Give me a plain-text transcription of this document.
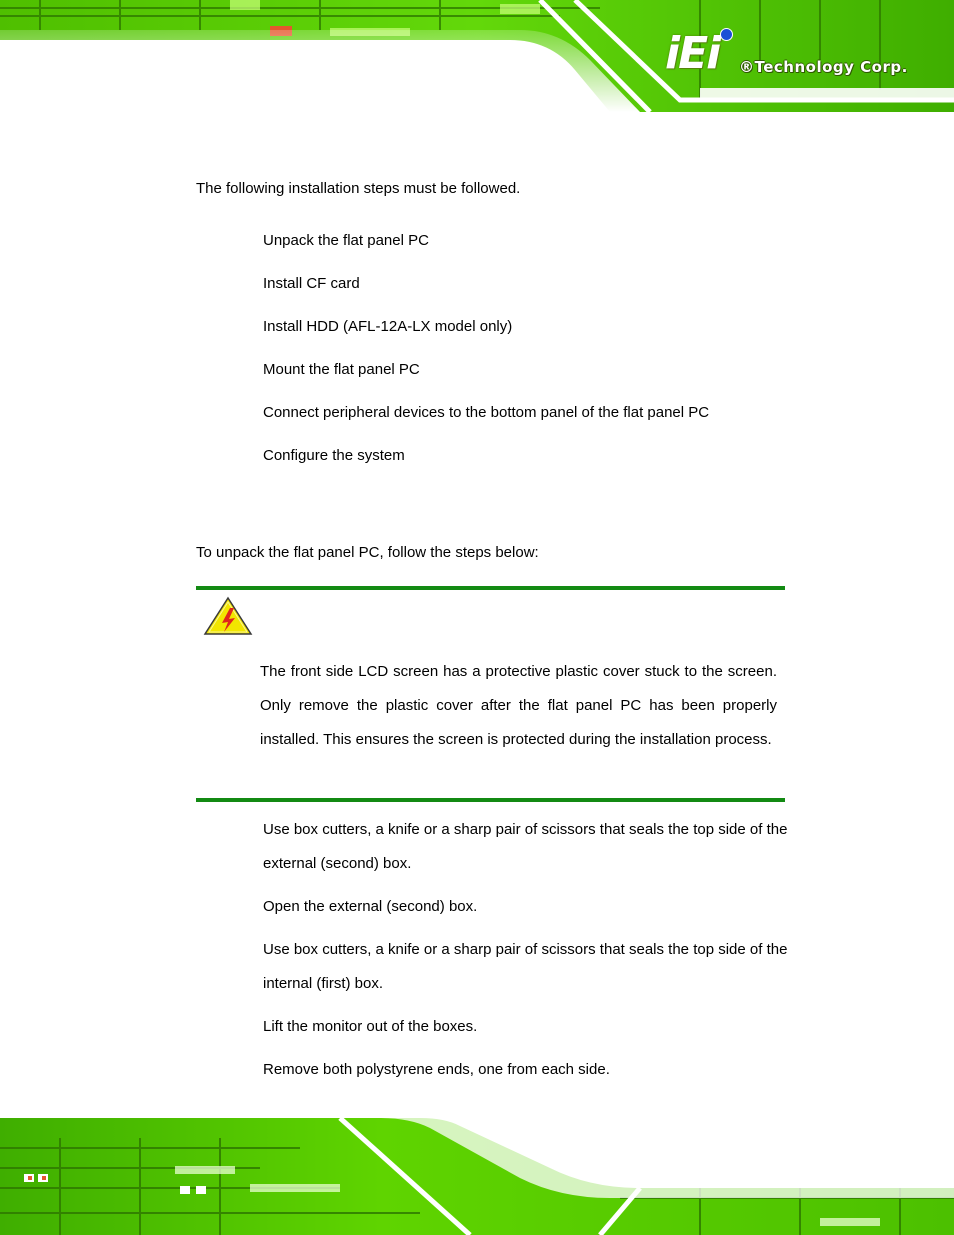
iEi ®Technology Corp.
The following installation steps must be followed.
Unpack the flat panel PC
Install CF card
Install HDD (AFL-12A-LX model only)
Mount the flat panel PC
Connect peripheral devices to the bottom panel of the flat panel PC
Configure the system
To unpack the flat panel PC, follow the steps below:
The front side LCD screen has a protective plastic cover stuck to the screen. Only remove the plastic cover after the flat panel PC has been properly installed. This ensures the screen is protected during the installation process.
Use box cutters, a knife or a sharp pair of scissors that seals the top side of the
external (second) box.
Open the external (second) box.
Use box cutters, a knife or a sharp pair of scissors that seals the top side of the
internal (first) box.
Lift the monitor out of the boxes.
Remove both polystyrene ends, one from each side.
